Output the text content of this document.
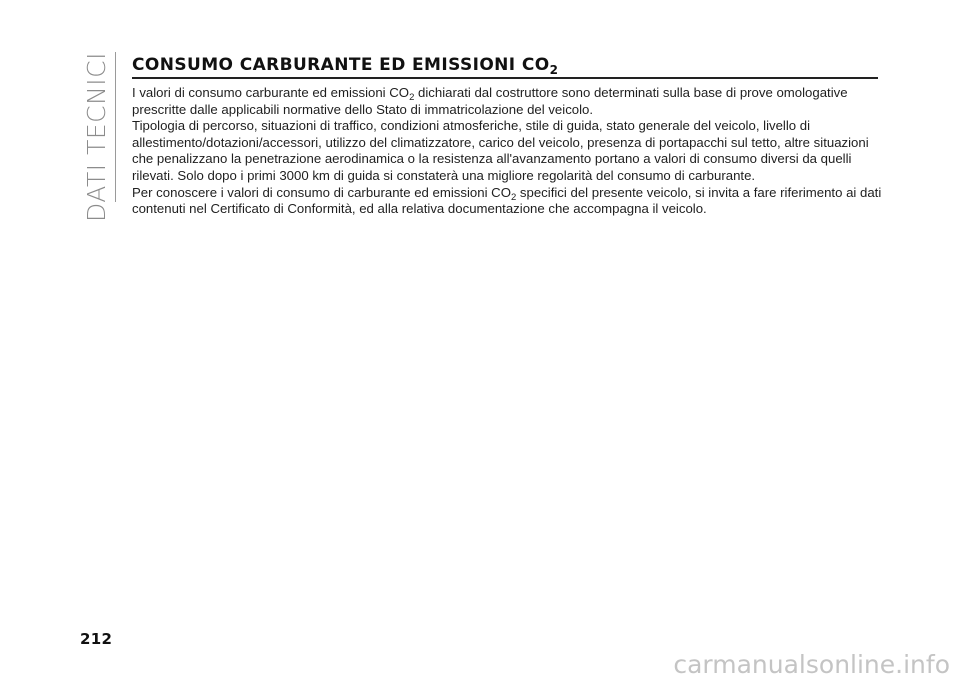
DATI TECNICI CONSUMO CARBURANTE ED EMISSIONI $CO_2$

I valori di consumo carburante ed emissioni $CO_2$ dichiarati dal costruttore sono determinati sulla base di prove omologative prescritte dalle applicabili normative dello Stato di immatricolazione del veicolo.

Tipologia di percorso, situazioni di traffico, condizioni atmosferiche, stile di guida, stato generale del veicolo, livello di allestimento/dotazioni/accessori, utilizzo del climatizzatore, carico del veicolo, presenza di portapacchi sul tetto, altre situazioni che penalizzano la penetrazione aerodinamica o la resistenza all'avanzamento portano a valori di consumo diversi da quelli rilevati. Solo dopo i primi 3000 km di guida si constaterà una migliore regolarità del consumo di carburante.

Per conoscere i valori di consumo di carburante ed emissioni $CO_2$ specifici del presente veicolo, si invita a fare riferimento ai dati contenuti nel Certificato di Conformità, ed alla relativa documentazione che accompagna il veicolo.

212
carmanualsonline.info
